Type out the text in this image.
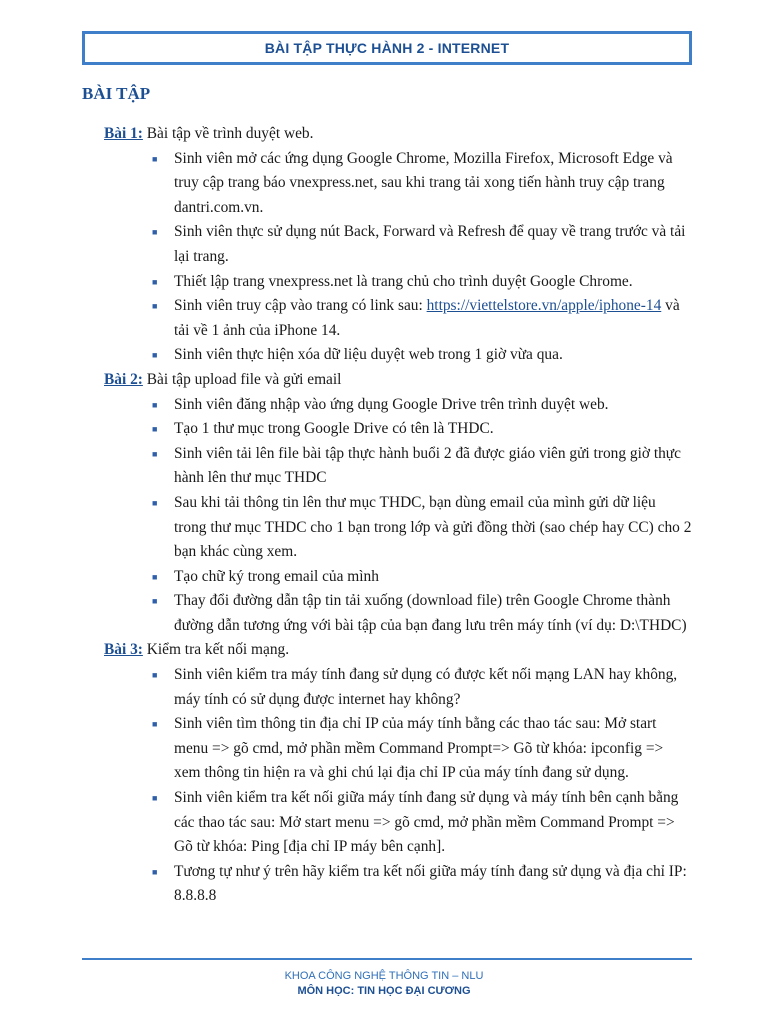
BÀI TẬP THỰC HÀNH 2 - INTERNET
BÀI TẬP

Bài 1: Bài tập về trình duyệt web.

■ Sinh viên mở các ứng dụng Google Chrome, Mozilla Firefox, Microsoft Edge và truy cập trang báo vnexpress.net, sau khi trang tải xong tiến hành truy cập trang dantri.com.vn.

■ Sinh viên thực sử dụng nút Back, Forward và Refresh để quay về trang trước và tải lại trang.

■ Thiết lập trang vnexpress.net là trang chủ cho trình duyệt Google Chrome.

■ Sinh viên truy cập vào trang có link sau: https://viettelstore.vn/apple/iphone-14 và tải về 1 ảnh của iPhone 14.

■ Sinh viên thực hiện xóa dữ liệu duyệt web trong 1 giờ vừa qua.

Bài 2: Bài tập upload file và gửi email

■ Sinh viên đăng nhập vào ứng dụng Google Drive trên trình duyệt web.

■ Tạo 1 thư mục trong Google Drive có tên là THDC.

■ Sinh viên tải lên file bài tập thực hành buổi 2 đã được giáo viên gửi trong giờ thực hành lên thư mục THDC

■ Sau khi tải thông tin lên thư mục THDC, bạn dùng email của mình gửi dữ liệu trong thư mục THDC cho 1 bạn trong lớp và gửi đồng thời (sao chép hay CC) cho 2 bạn khác cùng xem.

■ Tạo chữ ký trong email của mình

■ Thay đổi đường dẫn tập tin tải xuống (download file) trên Google Chrome thành đường dẫn tương ứng với bài tập của bạn đang lưu trên máy tính (ví dụ: D:\THDC)

Bài 3: Kiểm tra kết nối mạng.

■ Sinh viên kiểm tra máy tính đang sử dụng có được kết nối mạng LAN hay không, máy tính có sử dụng được internet hay không?

■ Sinh viên tìm thông tin địa chỉ IP của máy tính bằng các thao tác sau: Mở start menu => gõ cmd, mở phần mềm Command Prompt=> Gõ từ khóa: ipconfig => xem thông tin hiện ra và ghi chú lại địa chỉ IP của máy tính đang sử dụng.

■ Sinh viên kiểm tra kết nối giữa máy tính đang sử dụng và máy tính bên cạnh bằng các thao tác sau: Mở start menu => gõ cmd, mở phần mềm Command Prompt => Gõ từ khóa: Ping [địa chỉ IP máy bên cạnh].

■ Tương tự như ý trên hãy kiểm tra kết nối giữa máy tính đang sử dụng và địa chỉ IP: 8.8.8.8

KHOA CÔNG NGHỆ THÔNG TIN – NLU
MÔN HỌC: TIN HỌC ĐẠI CƯƠNG
